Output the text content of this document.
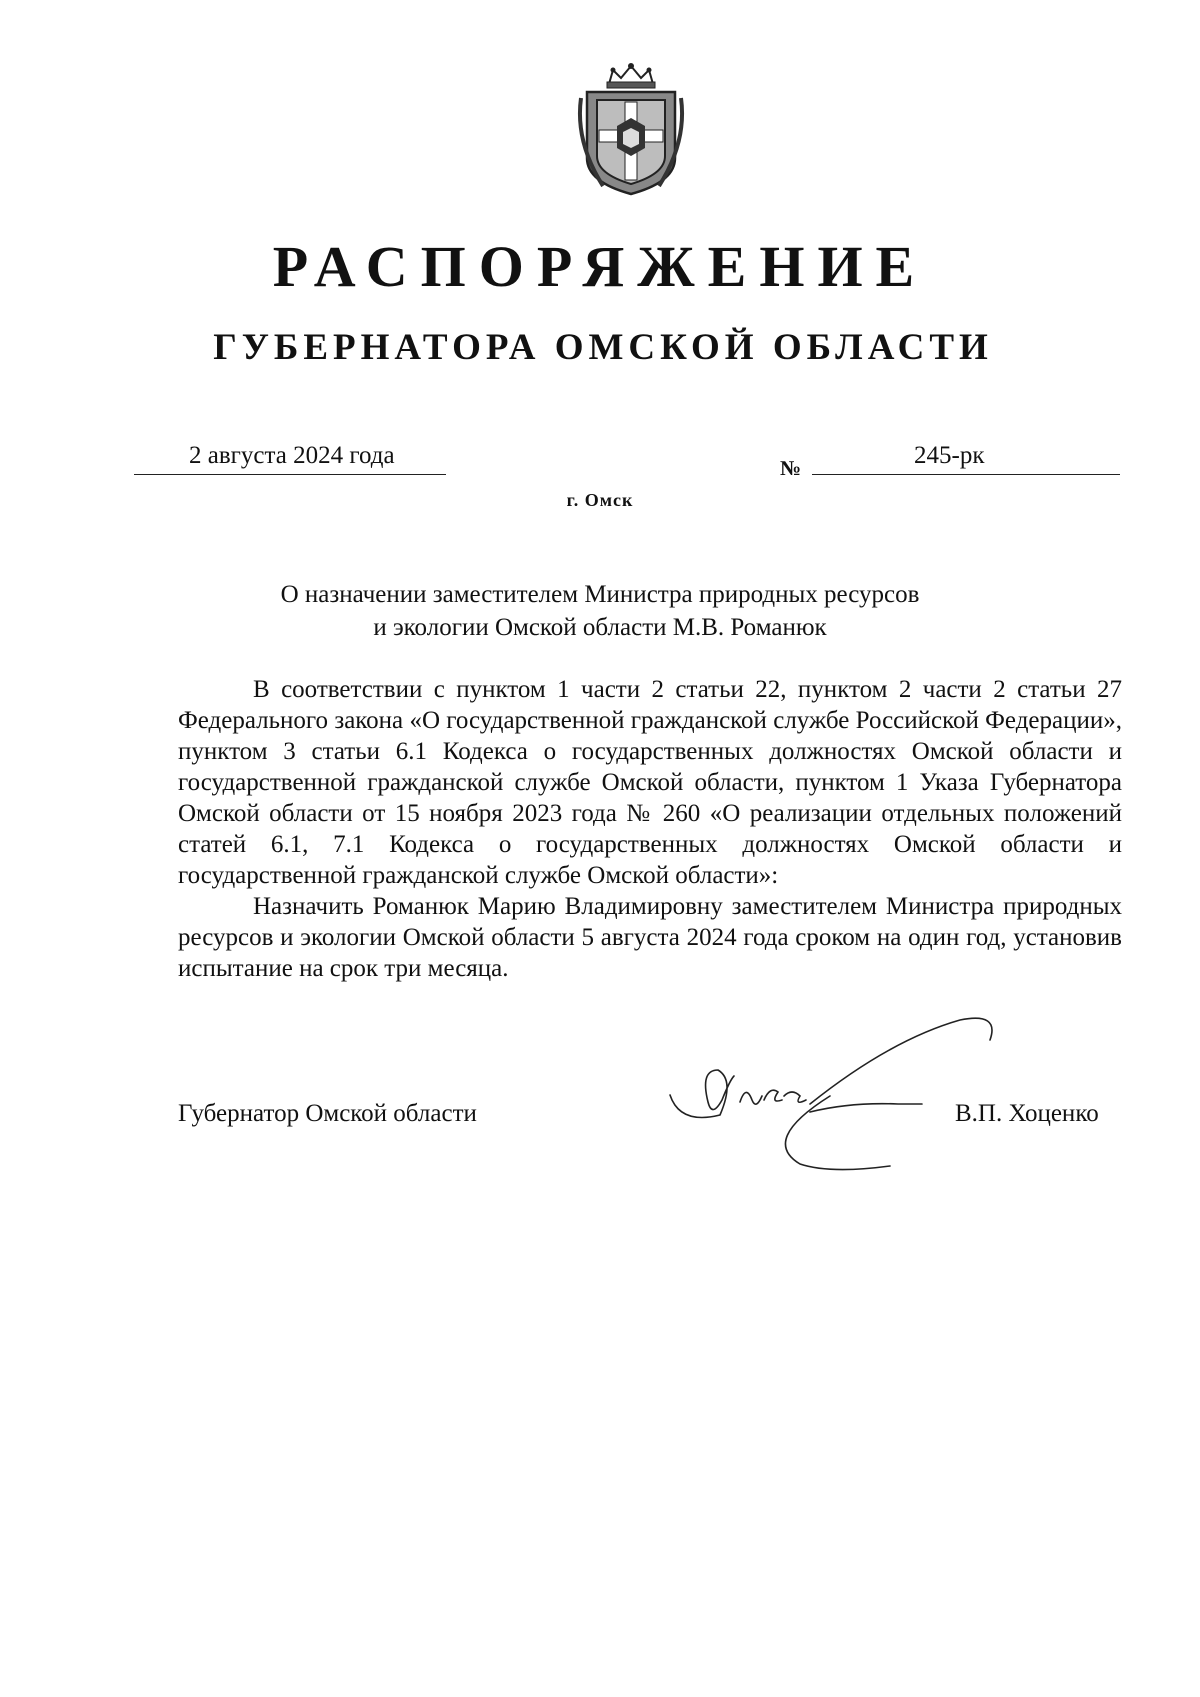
РАСПОРЯЖЕНИЕ
ГУБЕРНАТОРА ОМСКОЙ ОБЛАСТИ
2 августа 2024 года	№	245-рк
г. Омск
О назначении заместителем Министра природных ресурсов
и экологии Омской области М.В. Романюк

В соответствии с пунктом 1 части 2 статьи 22, пунктом 2 части 2 статьи 27 Федерального закона «О государственной гражданской службе Российской Федерации», пунктом 3 статьи 6.1 Кодекса о государственных должностях Омской области и государственной гражданской службе Омской области, пунктом 1 Указа Губернатора Омской области от 15 ноября 2023 года № 260 «О реализации отдельных положений статей 6.1, 7.1 Кодекса о государственных должностях Омской области и государственной гражданской службе Омской области»:

Назначить Романюк Марию Владимировну заместителем Министра природных ресурсов и экологии Омской области 5 августа 2024 года сроком на один год, установив испытание на срок три месяца.

Губернатор Омской области	В.П. Хоценко
